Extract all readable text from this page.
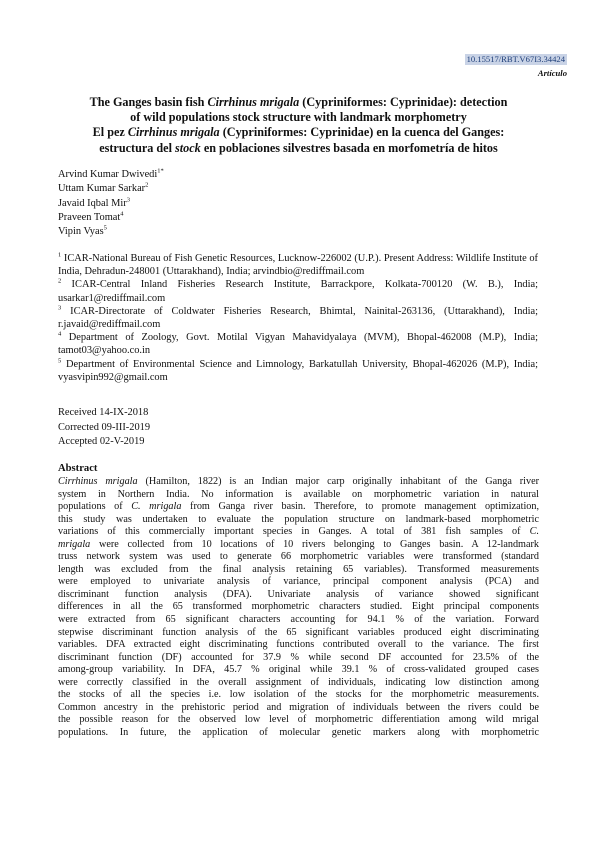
10.15517/RBT.V67I3.34424
Artículo

The Ganges basin fish Cirrhinus mrigala (Cypriniformes: Cyprinidae): detection

of wild populations stock structure with landmark morphometry

El pez Cirrhinus mrigala (Cypriniformes: Cyprinidae) en la cuenca del Ganges:

estructura del stock en poblaciones silvestres basada en morfometría de hitos

Arvind Kumar Dwivedi$^{1*}$
Uttam Kumar Sarkar$^2$
Javaid Iqbal Mir$^3$
Praveen Tomat$^4$
Vipin Vyas$^5$
$^1$ ICAR-National Bureau of Fish Genetic Resources, Lucknow-226002 (U.P.). Present Address: Wildlife Institute of India, Dehradun-248001 (Uttarakhand), India; arvindbio@rediffmail.com
$^2$ ICAR-Central Inland Fisheries Research Institute, Barrackpore, Kolkata-700120 (W. B.), India; usarkar1@rediffmail.com
$^3$ ICAR-Directorate of Coldwater Fisheries Research, Bhimtal, Nainital-263136, (Uttarakhand), India; r.javaid@rediffmail.com
$^4$ Department of Zoology, Govt. Motilal Vigyan Mahavidyalaya (MVM), Bhopal-462008 (M.P), India; tamot03@yahoo.co.in
$^5$ Department of Environmental Science and Limnology, Barkatullah University, Bhopal-462026 (M.P), India; vyasvipin992@gmail.com
Received 14-IX-2018
Corrected 09-III-2019
Accepted 02-V-2019
Abstract
Cirrhinus mrigala (Hamilton, 1822) is an Indian major carp originally inhabitant of the Ganga river
system in Northern India. No information is available on morphometric variation in natural
populations of C. mrigala from Ganga river basin. Therefore, to promote management optimization,
this study was undertaken to evaluate the population structure on landmark-based morphometric
variations of this commercially important species in Ganges. A total of 381 fish samples of C.
mrigala were collected from 10 locations of 10 rivers belonging to Ganges basin. A 12-landmark
truss network system was used to generate 66 morphometric variables were transformed (standard
length was excluded from the final analysis retaining 65 variables). Transformed measurements
were employed to univariate analysis of variance, principal component analysis (PCA) and
discriminant function analysis (DFA). Univariate analysis of variance showed significant
differences in all the 65 transformed morphometric characters studied. Eight principal components
were extracted from 65 significant characters accounting for 94.1 % of the variation. Forward
stepwise discriminant function analysis of the 65 significant variables produced eight discriminating
variables. DFA extracted eight discriminating functions contributed overall to the variance. The first
discriminant function (DF) accounted for 37.9 % while second DF accounted for 23.5% of the
among-group variability. In DFA, 45.7 % original while 39.1 % of cross-validated grouped cases
were correctly classified in the overall assignment of individuals, indicating low distinction among
the stocks of all the species i.e. low isolation of the stocks for the morphometric measurements.
Common ancestry in the prehistoric period and migration of individuals between the rivers could be
the possible reason for the observed low level of morphometric differentiation among wild mrigal
populations. In future, the application of molecular genetic markers along with morphometric
